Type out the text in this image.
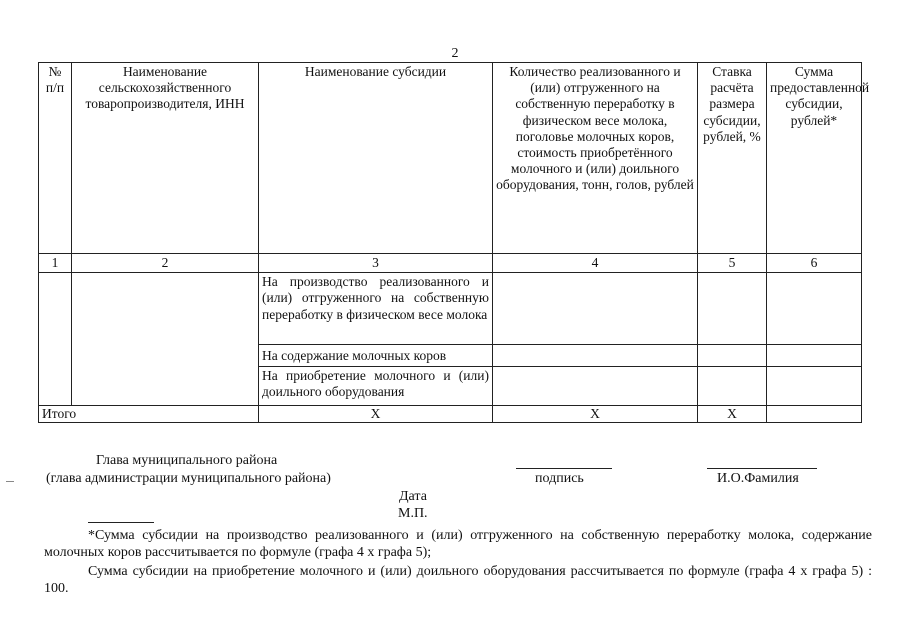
2
№ п/п	Наименование сельскохозяйственного товаропроизводителя, ИНН	Наименование субсидии	Количество реализованного и (или) отгруженного на собственную переработку в физическом весе молока, поголовье молочных коров, стоимость приобретённого молочного и (или) доильного оборудования, тонн, голов, рублей	Ставка расчёта размера субсидии, рублей, %	Сумма предоставленной субсидии, рублей*
1	2	3	4	5	6
		На производство реализованного и (или) отгруженного на собственную переработку в физическом весе молока			
		На содержание молочных коров			
		На приобретение молочного и (или) доильного оборудования			
Итого		Х	Х	Х	
Глава муниципального района
(глава администрации муниципального района)	подпись	И.О.Фамилия
Дата
М.П.
*Сумма субсидии на производство реализованного и (или) отгруженного на собственную переработку молока, содержание молочных коров рассчитывается по формуле (графа 4 х графа 5);
Сумма субсидии на приобретение молочного и (или) доильного оборудования рассчитывается по формуле (графа 4 х графа 5) : 100.
